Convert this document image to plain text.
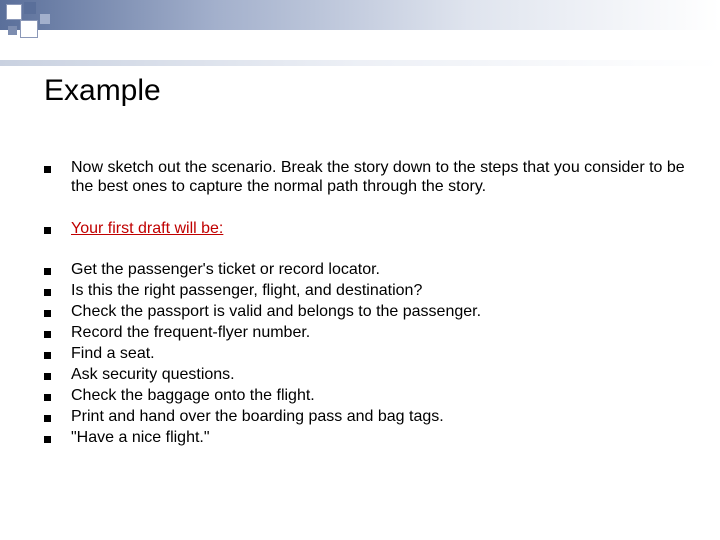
Example

Now sketch out the scenario. Break the story down to the steps that you consider to be the best ones to capture the normal path through the story.

Your first draft will be:

Get the passenger's ticket or record locator.

Is this the right passenger, flight, and destination?

Check the passport is valid and belongs to the passenger.

Record the frequent-flyer number.

Find a seat.

Ask security questions.

Check the baggage onto the flight.

Print and hand over the boarding pass and bag tags.

"Have a nice flight."
